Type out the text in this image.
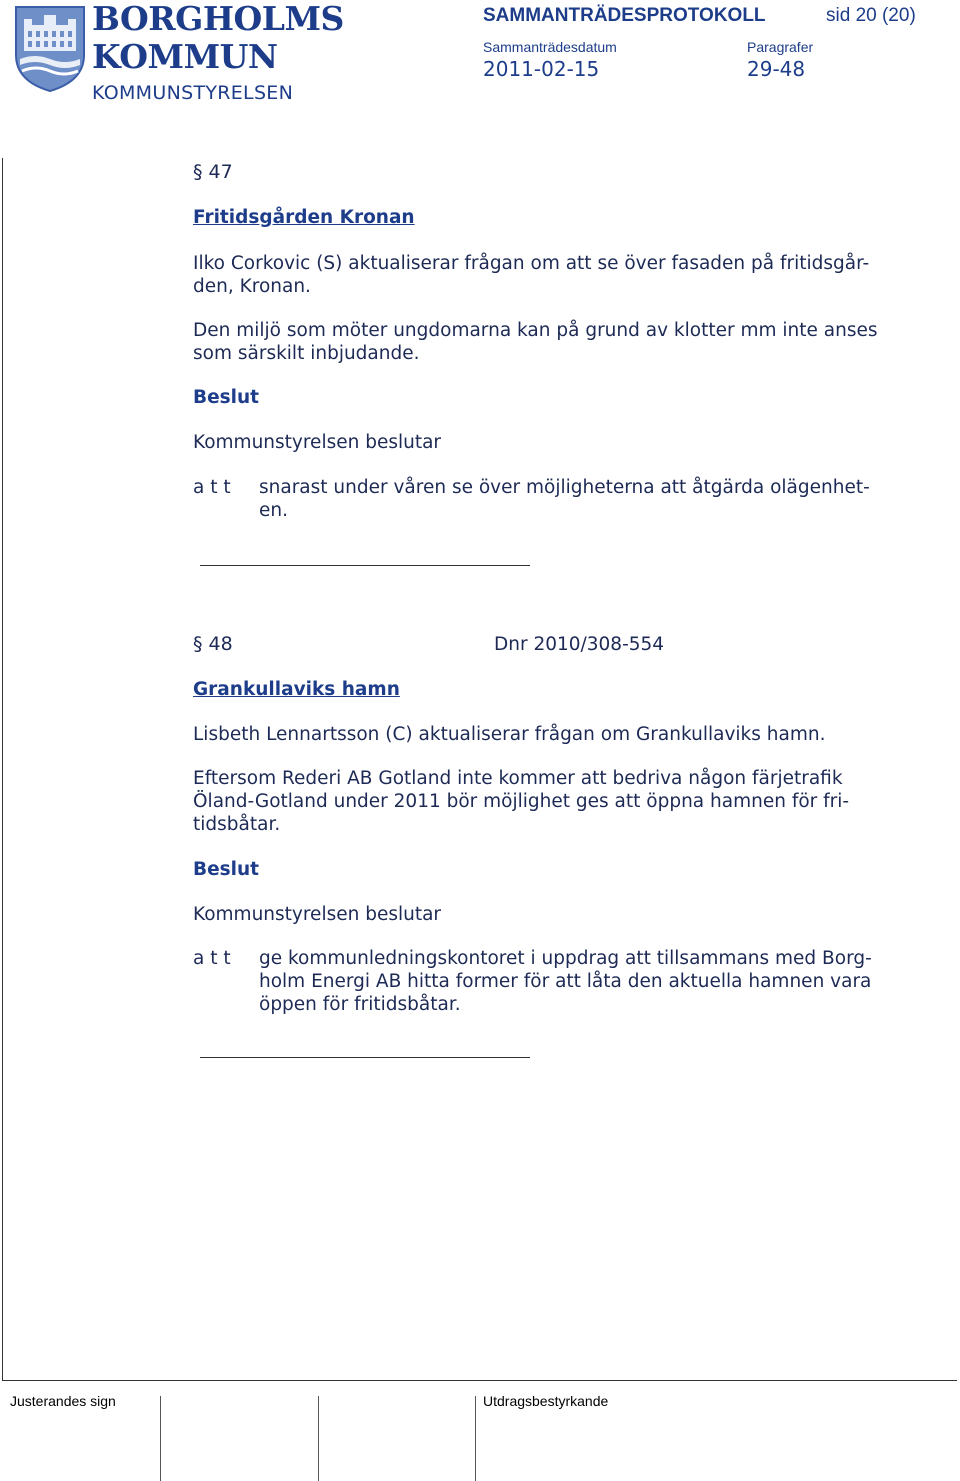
BORGHOLMS
KOMMUN
KOMMUNSTYRELSEN
SAMMANTRÄDESPROTOKOLL	sid 20 (20)
Sammanträdesdatum	Paragrafer
2011-02-15	29-48
§ 47
Fritidsgården Kronan
Ilko Corkovic (S) aktualiserar frågan om att se över fasaden på fritidsgår-
den, Kronan.
Den miljö som möter ungdomarna kan på grund av klotter mm inte anses
som särskilt inbjudande.
Beslut
Kommunstyrelsen beslutar
a t t	snarast under våren se över möjligheterna att åtgärda olägenhet-
en.
§ 48	Dnr 2010/308-554
Grankullaviks hamn
Lisbeth Lennartsson (C) aktualiserar frågan om Grankullaviks hamn.
Eftersom Rederi AB Gotland inte kommer att bedriva någon färjetrafik
Öland-Gotland under 2011 bör möjlighet ges att öppna hamnen för fri-
tidsbåtar.
Beslut
Kommunstyrelsen beslutar
a t t	ge kommunledningskontoret i uppdrag att tillsammans med Borg-
holm Energi AB hitta former för att låta den aktuella hamnen vara
öppen för fritidsbåtar.
Justerandes sign	Utdragsbestyrkande
